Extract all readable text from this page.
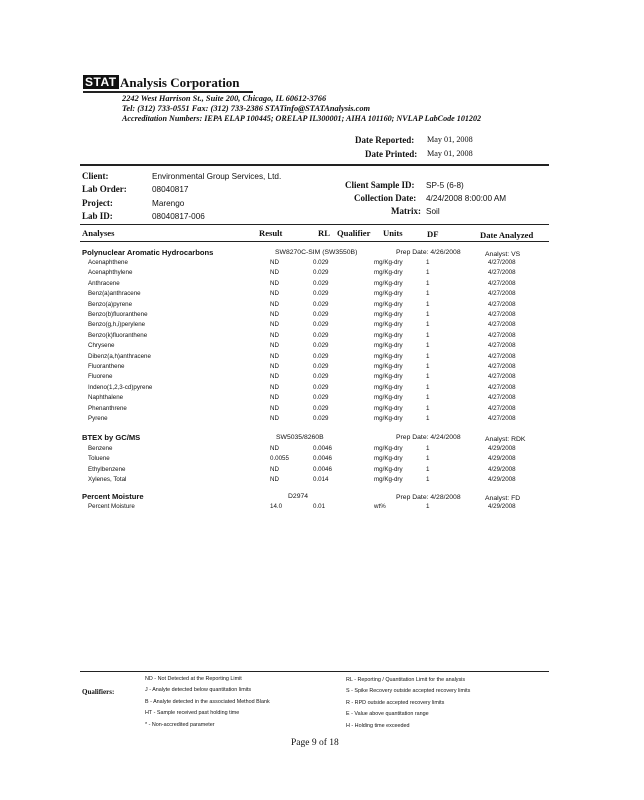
STAT Analysis Corporation
2242 West Harrison St., Suite 200, Chicago, IL 60612-3766
Tel: (312) 733-0551 Fax: (312) 733-2386 STATinfo@STATAnalysis.com
Accreditation Numbers: IEPA ELAP 100445; ORELAP IL300001; AIHA 101160; NVLAP LabCode 101202
Date Reported: May 01, 2008
Date Printed: May 01, 2008
Client:	Environmental Group Services, Ltd.
Lab Order:	08040817
Project:	Marengo
Lab ID:	08040817-006
Client Sample ID: SP-5 (6-8)
Collection Date: 4/24/2008 8:00:00 AM
Matrix: Soil
Analyses	Result	RL Qualifier Units	DF	Date Analyzed
Polynuclear Aromatic Hydrocarbons	SW8270C-SIM (SW3550B)	Prep Date: 4/26/2008	Analyst: VS
Acenaphthene	ND	0.029	mg/Kg-dry	1	4/27/2008
Acenaphthylene	ND	0.029	mg/Kg-dry	1	4/27/2008
Anthracene	ND	0.029	mg/Kg-dry	1	4/27/2008
Benz(a)anthracene	ND	0.029	mg/Kg-dry	1	4/27/2008
Benzo(a)pyrene	ND	0.029	mg/Kg-dry	1	4/27/2008
Benzo(b)fluoranthene	ND	0.029	mg/Kg-dry	1	4/27/2008
Benzo(g,h,i)perylene	ND	0.029	mg/Kg-dry	1	4/27/2008
Benzo(k)fluoranthene	ND	0.029	mg/Kg-dry	1	4/27/2008
Chrysene	ND	0.029	mg/Kg-dry	1	4/27/2008
Dibenz(a,h)anthracene	ND	0.029	mg/Kg-dry	1	4/27/2008
Fluoranthene	ND	0.029	mg/Kg-dry	1	4/27/2008
Fluorene	ND	0.029	mg/Kg-dry	1	4/27/2008
Indeno(1,2,3-cd)pyrene	ND	0.029	mg/Kg-dry	1	4/27/2008
Naphthalene	ND	0.029	mg/Kg-dry	1	4/27/2008
Phenanthrene	ND	0.029	mg/Kg-dry	1	4/27/2008
Pyrene	ND	0.029	mg/Kg-dry	1	4/27/2008
BTEX by GC/MS	SW5035/8260B	Prep Date: 4/24/2008	Analyst: RDK
Benzene	ND	0.0046	mg/Kg-dry	1	4/29/2008
Toluene	0.0055	0.0046	mg/Kg-dry	1	4/29/2008
Ethylbenzene	ND	0.0046	mg/Kg-dry	1	4/29/2008
Xylenes, Total	ND	0.014	mg/Kg-dry	1	4/29/2008
Percent Moisture	D2974	Prep Date: 4/28/2008	Analyst: FD
Percent Moisture	14.0	0.01	wt%	1	4/29/2008
Qualifiers:
ND - Not Detected at the Reporting Limit
J - Analyte detected below quantitation limits
B - Analyte detected in the associated Method Blank
HT - Sample received past holding time
* - Non-accredited parameter
RL - Reporting / Quantitation Limit for the analysis
S - Spike Recovery outside accepted recovery limits
R - RPD outside accepted recovery limits
E - Value above quantitation range
H - Holding time exceeded
Page 9 of 18
